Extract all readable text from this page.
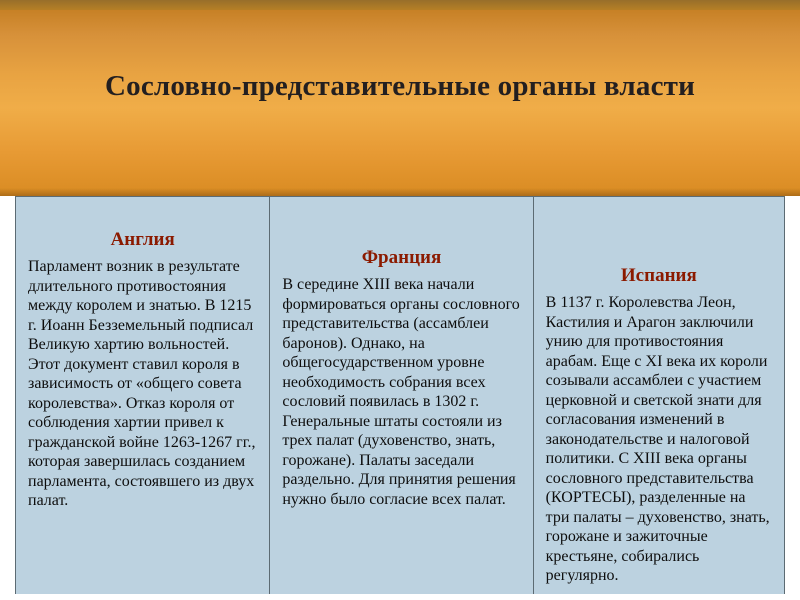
Сословно-представительные органы власти
Англия
Парламент возник в результате длительного противостояния между королем и знатью. В 1215 г. Иоанн Безземельный подписал Великую хартию вольностей. Этот документ ставил короля в зависимость от «общего совета королевства». Отказ короля от соблюдения хартии привел к гражданской войне 1263-1267 гг., которая завершилась созданием парламента, состоявшего из двух палат.
Франция
В середине XIII века начали формироваться органы сословного представительства (ассамблеи баронов). Однако, на общегосударственном уровне необходимость собрания всех сословий появилась в 1302 г. Генеральные штаты состояли из трех палат (духовенство, знать, горожане). Палаты заседали раздельно. Для принятия решения нужно было согласие всех палат.
Испания
В 1137 г. Королевства Леон, Кастилия и Арагон заключили унию для противостояния арабам. Еще с XI века их короли созывали ассамблеи с участием церковной и светской знати для согласования изменений в законодательстве и налоговой политики. С XIII века органы сословного представительства (КОРТЕСЫ), разделенные на три палаты – духовенство, знать, горожане и зажиточные крестьяне, собирались регулярно.
